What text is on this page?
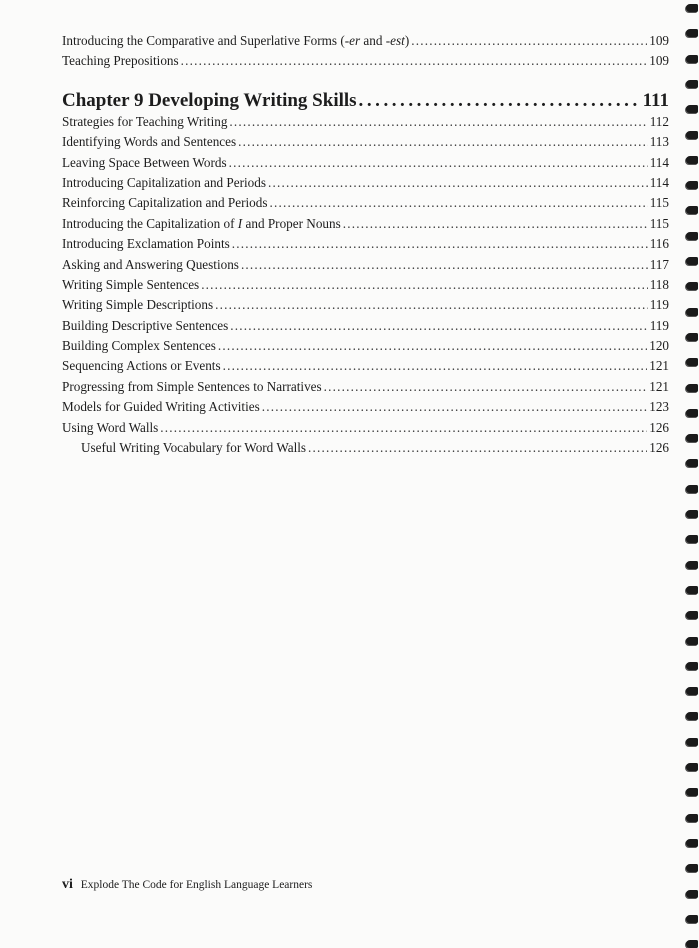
Introducing the Comparative and Superlative Forms (-er and -est) . . .	109
Teaching Prepositions . . .	109
Chapter 9 Developing Writing Skills . . .	111
Strategies for Teaching Writing . . .	112
Identifying Words and Sentences . . .	113
Leaving Space Between Words . . .	114
Introducing Capitalization and Periods . . .	114
Reinforcing Capitalization and Periods . . .	115
Introducing the Capitalization of I and Proper Nouns . . .	115
Introducing Exclamation Points . . .	116
Asking and Answering Questions . . .	117
Writing Simple Sentences . . .	118
Writing Simple Descriptions . . .	119
Building Descriptive Sentences . . .	119
Building Complex Sentences . . .	120
Sequencing Actions or Events . . .	121
Progressing from Simple Sentences to Narratives . . .	121
Models for Guided Writing Activities . . .	123
Using Word Walls . . .	126
Useful Writing Vocabulary for Word Walls . . .	126
vi Explode The Code for English Language Learners
